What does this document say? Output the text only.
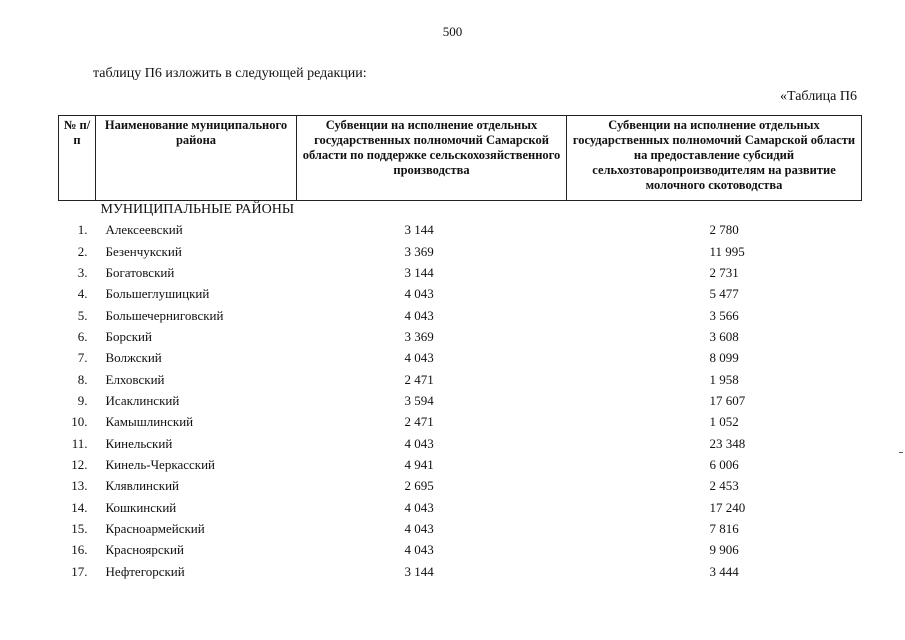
500
таблицу П6 изложить в следующей редакции:
«Таблица П6
№ п/п	Наименование муниципального района	Субвенции на исполнение отдельных государственных полномочий Самарской области по поддержке сельскохозяйственного производства	Субвенции на исполнение отдельных государственных полномочий Самарской области на предоставление субсидий сельхозтоваропроизводителям на развитие молочного скотоводства
МУНИЦИПАЛЬНЫЕ РАЙОНЫ			
1.	Алексеевский	3 144	2 780
2.	Безенчукский	3 369	11 995
3.	Богатовский	3 144	2 731
4.	Большеглушицкий	4 043	5 477
5.	Большечерниговский	4 043	3 566
6.	Борский	3 369	3 608
7.	Волжский	4 043	8 099
8.	Елховский	2 471	1 958
9.	Исаклинский	3 594	17 607
10.	Камышлинский	2 471	1 052
11.	Кинельский	4 043	23 348
12.	Кинель-Черкасский	4 941	6 006
13.	Клявлинский	2 695	2 453
14.	Кошкинский	4 043	17 240
15.	Красноармейский	4 043	7 816
16.	Красноярский	4 043	9 906
17.	Нефтегорский	3 144	3 444
